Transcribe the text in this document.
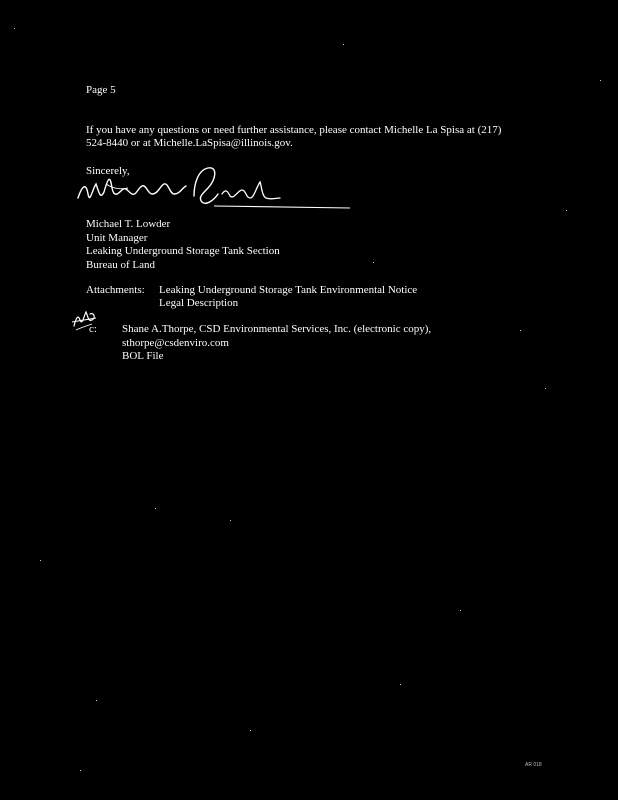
Page 5
If you have any questions or need further assistance, please contact Michelle La Spisa at (217)
524-8440 or at Michelle.LaSpisa@illinois.gov.
Sincerely,
Michael T. Lowder
Unit Manager
Leaking Underground Storage Tank Section
Bureau of Land
Attachments: Leaking Underground Storage Tank Environmental Notice
Legal Description
c: Shane A.Thorpe, CSD Environmental Services, Inc. (electronic copy),
sthorpe@csdenviro.com
BOL File
AR 018
